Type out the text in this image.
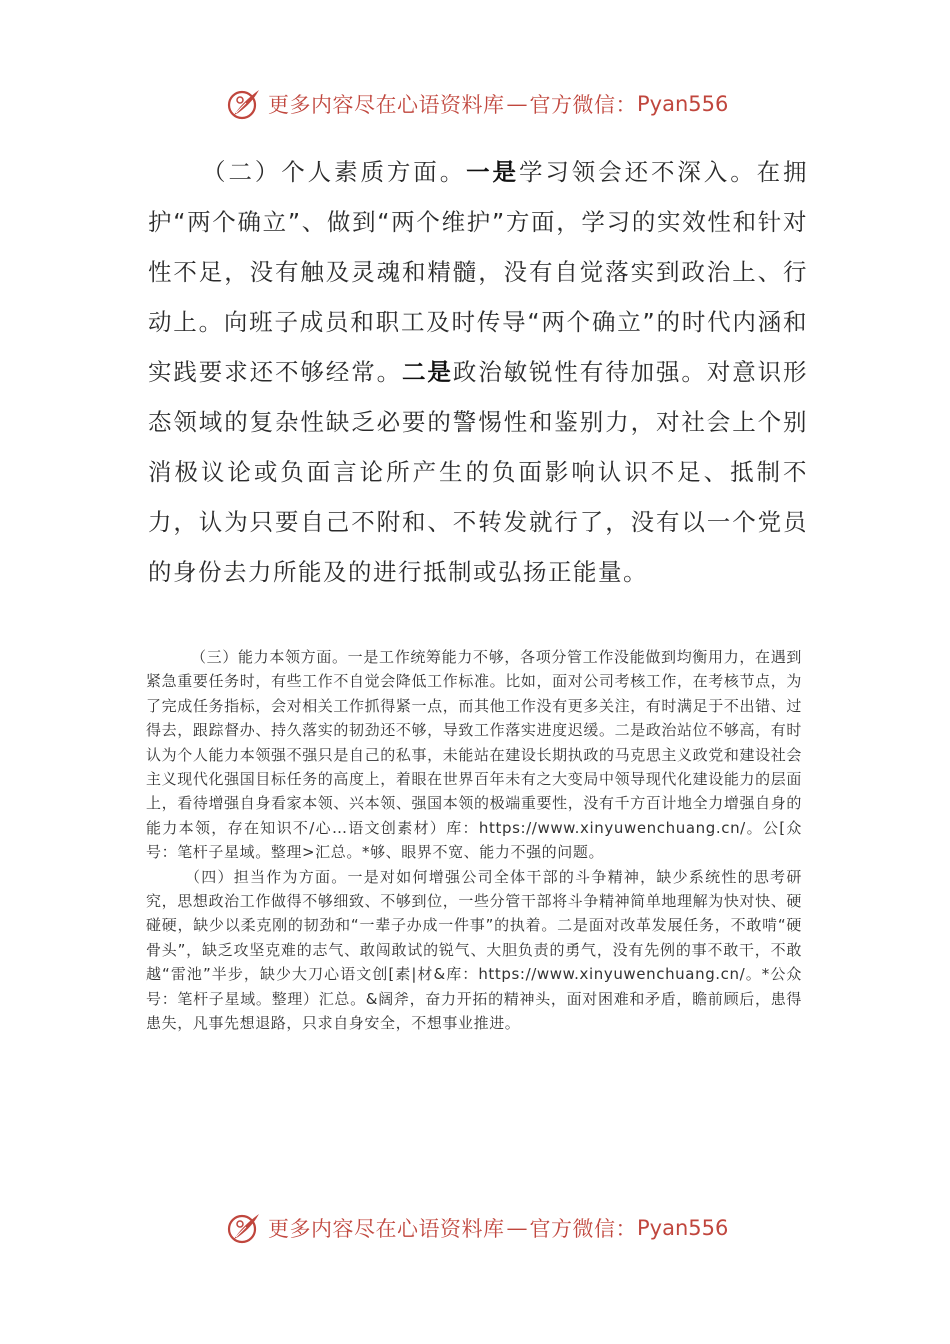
更多内容尽在心语资料库 — 官方微信： Pyan556

（二）个人素质方面。一是学习领会还不深入。在拥护“两个确立”、做到“两个维护”方面，学习的实效性和针对性不足，没有触及灵魂和精髓，没有自觉落实到政治上、行动上。向班子成员和职工及时传导“两个确立”的时代内涵和实践要求还不够经常。二是政治敏锐性有待加强。对意识形态领域的复杂性缺乏必要的警惕性和鉴别力，对社会上个别消极议论或负面言论所产生的负面影响认识不足、抵制不力，认为只要自己不附和、不转发就行了，没有以一个党员的身份去力所能及的进行抵制或弘扬正能量。

（三）能力本领方面。一是工作统筹能力不够，各项分管工作没能做到均衡用力，在遇到紧急重要任务时，有些工作不自觉会降低工作标准。比如，面对公司考核工作，在考核节点，为了完成任务指标，会对相关工作抓得紧一点，而其他工作没有更多关注，有时满足于不出错、过得去，跟踪督办、持久落实的韧劲还不够，导致工作落实进度迟缓。二是政治站位不够高，有时认为个人能力本领强不强只是自己的私事，未能站在建设长期执政的马克思主义政党和建设社会主义现代化强国目标任务的高度上，着眼在世界百年未有之大变局中领导现代化建设能力的层面上，看待增强自身看家本领、兴本领、强国本领的极端重要性，没有千方百计地全力增强自身的能力本领，存在知识不/心…语文创素材）库：https://www.xinyuwenchuang.cn/。公[众号：笔杆子星域。整理>汇总。*够、眼界不宽、能力不强的问题。

（四）担当作为方面。一是对如何增强公司全体干部的斗争精神，缺少系统性的思考研究，思想政治工作做得不够细致、不够到位，一些分管干部将斗争精神简单地理解为快对快、硬碰硬，缺少以柔克刚的韧劲和“一辈子办成一件事”的执着。二是面对改革发展任务，不敢啃“硬骨头”，缺乏攻坚克难的志气、敢闯敢试的锐气、大胆负责的勇气，没有先例的事不敢干，不敢越“雷池”半步，缺少大刀心语文创[素|材&库：https://www.xinyuwenchuang.cn/。*公众号：笔杆子星域。整理）汇总。&阔斧，奋力开拓的精神头，面对困难和矛盾，瞻前顾后，患得患失，凡事先想退路，只求自身安全，不想事业推进。

更多内容尽在心语资料库 — 官方微信： Pyan556
